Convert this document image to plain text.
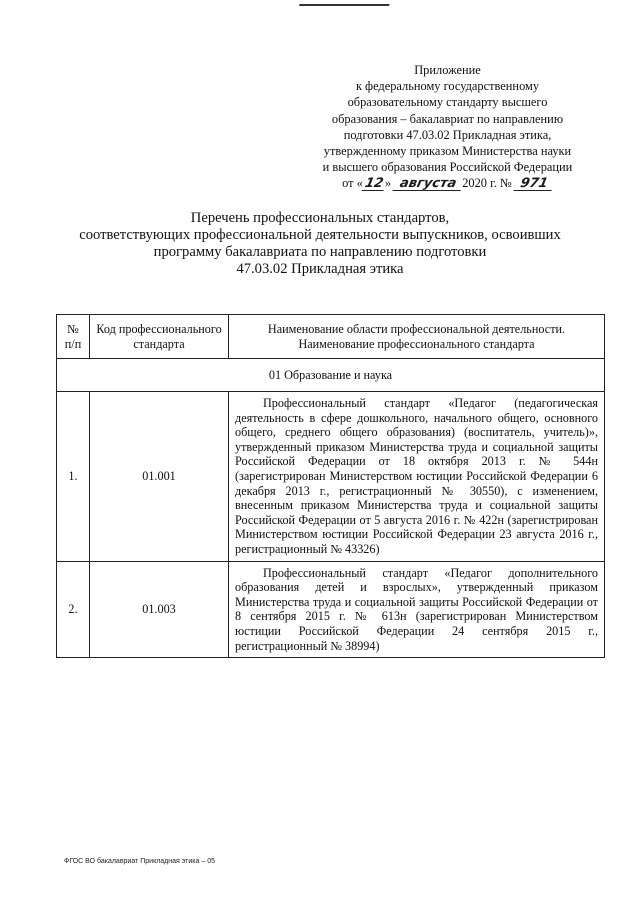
Приложение
к федеральному государственному
образовательному стандарту высшего
образования – бакалавриат по направлению
подготовки 47.03.02 Прикладная этика,
утвержденному приказом Министерства науки
и высшего образования Российской Федерации
от «12» августа 2020 г. № 971
Перечень профессиональных стандартов,
соответствующих профессиональной деятельности выпускников, освоивших
программу бакалавриата по направлению подготовки
47.03.02 Прикладная этика
№ п/п	Код профессионального стандарта	Наименование области профессиональной деятельности.
Наименование профессионального стандарта

01 Образование и наука		
1.	01.001	Профессиональный стандарт «Педагог (педагогическая деятельность в сфере дошкольного, начального общего, основного общего, среднего общего образования) (воспитатель, учитель)», утвержденный приказом Министерства труда и социальной защиты Российской Федерации от 18 октября 2013 г. № 544н (зарегистрирован Министерством юстиции Российской Федерации 6 декабря 2013 г., регистрационный № 30550), с изменением, внесенным приказом Министерства труда и социальной защиты Российской Федерации от 5 августа 2016 г. № 422н (зарегистрирован Министерством юстиции Российской Федерации 23 августа 2016 г., регистрационный № 43326)

2.	01.003	Профессиональный стандарт «Педагог дополнительного образования детей и взрослых», утвержденный приказом Министерства труда и социальной защиты Российской Федерации от 8 сентября 2015 г. № 613н (зарегистрирован Министерством юстиции Российской Федерации 24 сентября 2015 г., регистрационный № 38994)
ФГОС ВО бакалавриат Прикладная этика – 05
